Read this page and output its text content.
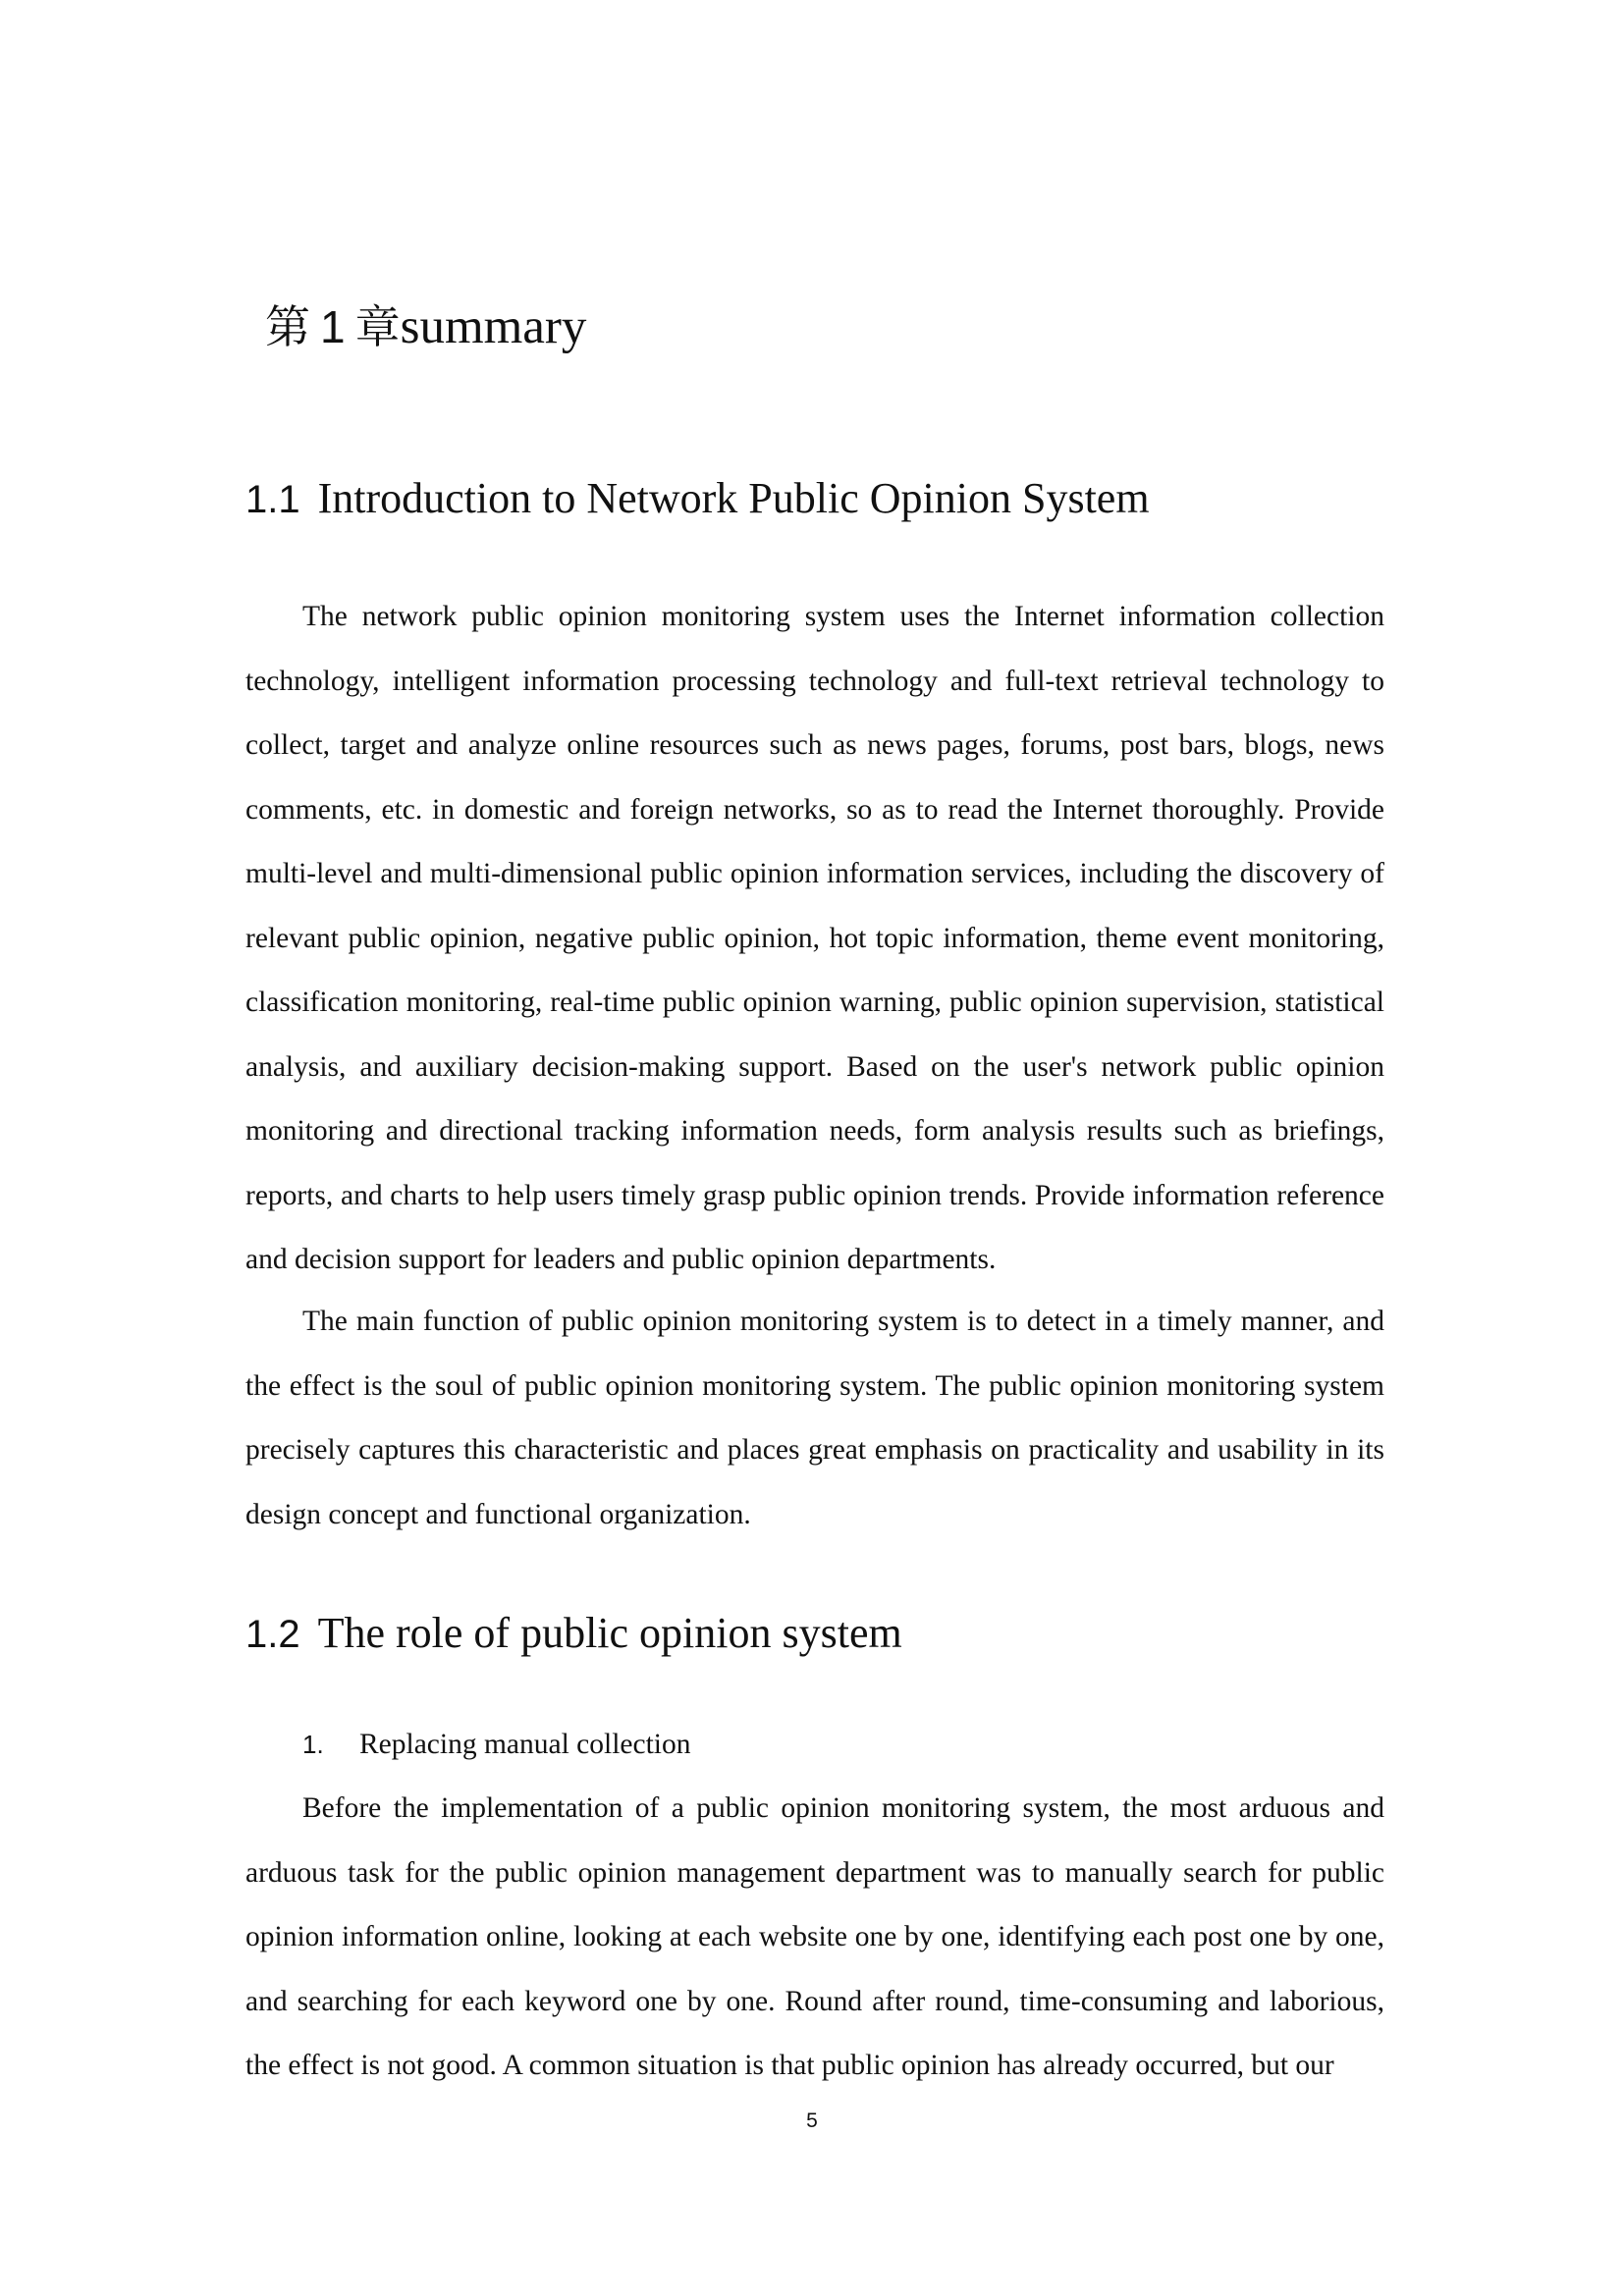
第 1 章summary
1.1 Introduction to Network Public Opinion System

The network public opinion monitoring system uses the Internet information collection technology, intelligent information processing technology and full-text retrieval technology to collect, target and analyze online resources such as news pages, forums, post bars, blogs, news comments, etc. in domestic and foreign networks, so as to read the Internet thoroughly. Provide multi-level and multi-dimensional public opinion information services, including the discovery of relevant public opinion, negative public opinion, hot topic information, theme event monitoring, classification monitoring, real-time public opinion warning, public opinion supervision, statistical analysis, and auxiliary decision-making support. Based on the user's network public opinion monitoring and directional tracking information needs, form analysis results such as briefings, reports, and charts to help users timely grasp public opinion trends. Provide information reference and decision support for leaders and public opinion departments.

The main function of public opinion monitoring system is to detect in a timely manner, and the effect is the soul of public opinion monitoring system. The public opinion monitoring system precisely captures this characteristic and places great emphasis on practicality and usability in its design concept and functional organization.

1.2 The role of public opinion system
1. Replacing manual collection

Before the implementation of a public opinion monitoring system, the most arduous and arduous task for the public opinion management department was to manually search for public opinion information online, looking at each website one by one, identifying each post one by one, and searching for each keyword one by one. Round after round, time-consuming and laborious, the effect is not good. A common situation is that public opinion has already occurred, but our

5
